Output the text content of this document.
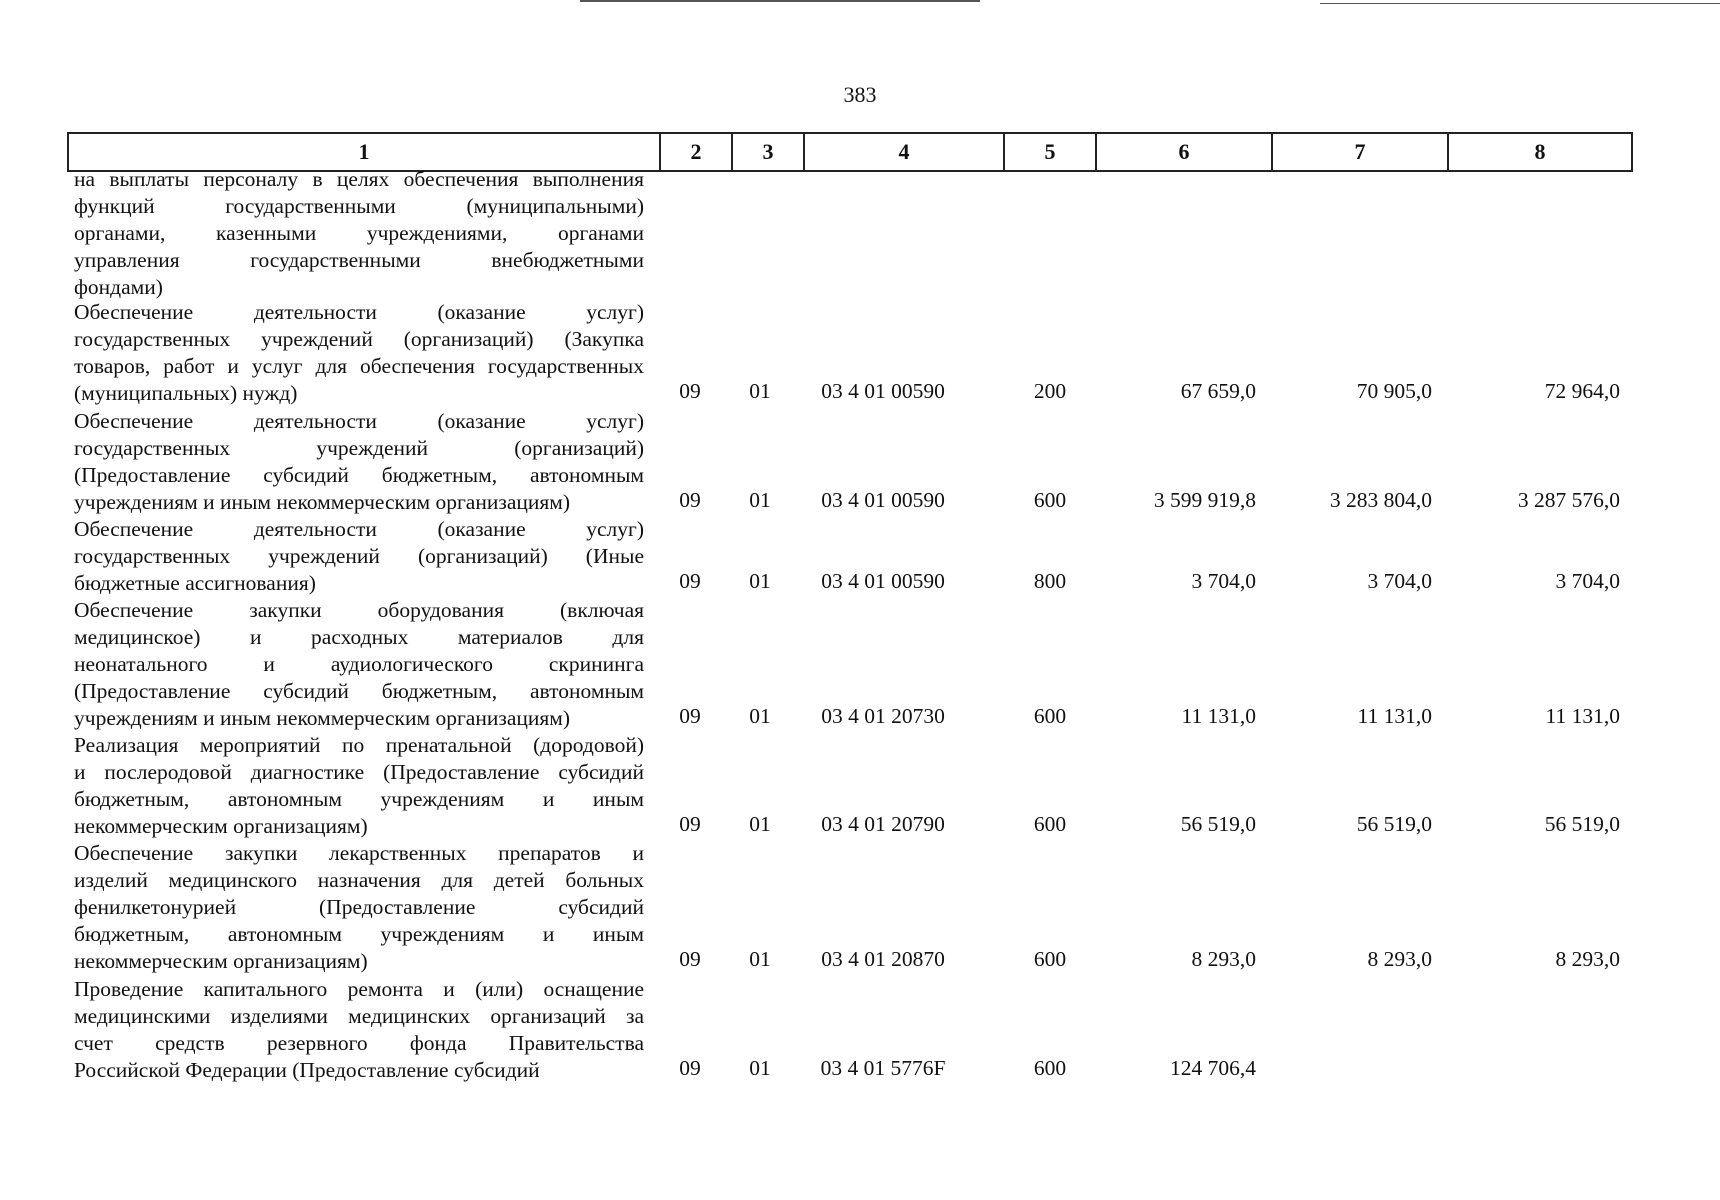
383
1	2	3	4	5	6	7	8
на выплаты персоналу в целях обеспечения выполнения
функций государственными (муниципальными)
органами, казенными учреждениями, органами
управления государственными внебюджетными
фондами)
Обеспечение деятельности (оказание услуг)
государственных учреждений (организаций) (Закупка
товаров, работ и услуг для обеспечения государственных
(муниципальных) нужд)	09	01	03 4 01 00590	200	67 659,0	70 905,0	72 964,0
Обеспечение деятельности (оказание услуг)
государственных учреждений (организаций)
(Предоставление субсидий бюджетным, автономным
учреждениям и иным некоммерческим организациям)	09	01	03 4 01 00590	600	3 599 919,8	3 283 804,0	3 287 576,0
Обеспечение деятельности (оказание услуг)
государственных учреждений (организаций) (Иные
бюджетные ассигнования)	09	01	03 4 01 00590	800	3 704,0	3 704,0	3 704,0
Обеспечение закупки оборудования (включая
медицинское) и расходных материалов для
неонатального и аудиологического скрининга
(Предоставление субсидий бюджетным, автономным
учреждениям и иным некоммерческим организациям)	09	01	03 4 01 20730	600	11 131,0	11 131,0	11 131,0
Реализация мероприятий по пренатальной (дородовой)
и послеродовой диагностике (Предоставление субсидий
бюджетным, автономным учреждениям и иным
некоммерческим организациям)	09	01	03 4 01 20790	600	56 519,0	56 519,0	56 519,0
Обеспечение закупки лекарственных препаратов и
изделий медицинского назначения для детей больных
фенилкетонурией (Предоставление субсидий
бюджетным, автономным учреждениям и иным
некоммерческим организациям)	09	01	03 4 01 20870	600	8 293,0	8 293,0	8 293,0
Проведение капитального ремонта и (или) оснащение
медицинскими изделиями медицинских организаций за
счет средств резервного фонда Правительства
Российской Федерации (Предоставление субсидий	09	01	03 4 01 5776F	600	124 706,4
